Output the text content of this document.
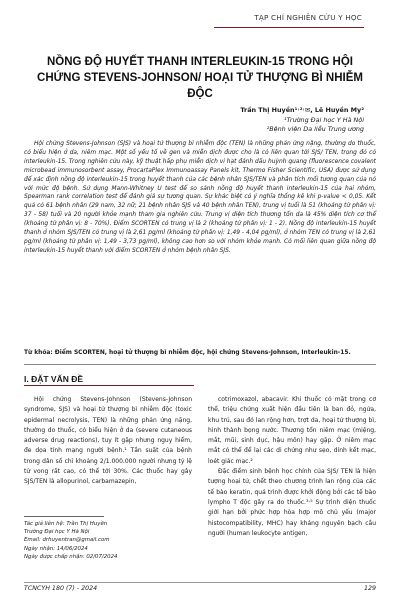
TẠP CHÍ NGHIÊN CỨU Y HỌC
NỒNG ĐỘ HUYẾT THANH INTERLEUKIN-15 TRONG HỘI CHỨNG STEVENS-JOHNSON/ HOẠI TỬ THƯỢNG BÌ NHIỄM ĐỘC
Trần Thị Huyền¹˒²˒✉, Lê Huyền My²
¹Trường Đại học Y Hà Nội
²Bệnh viện Da liễu Trung ương

Hội chứng Stevens-Johnson (SJS) và hoại tử thượng bì nhiễm độc (TEN) là những phản ứng nặng, thường do thuốc, có biểu hiện ở da, niêm mạc. Một số yếu tố về gen và miễn dịch được cho là có liên quan tới SJS/ TEN, trong đó có interleukin-15. Trong nghiên cứu này, kỹ thuật hấp phụ miễn dịch vi hạt đánh dấu huỳnh quang (fluorescence covalent microbead immunosorbent assay, ProcartaPlex Immunoassay Panels kit, Thermo Fisher Scientific, USA) được sử dụng để xác định nồng độ interleukin-15 trong huyết thanh của các bệnh nhân SJS/TEN và phân tích mối tương quan của nó với mức độ bệnh. Sử dụng Mann-Whitney U test để so sánh nồng độ huyết thanh interleukin-15 của hai nhóm, Spearman rank correlation test để đánh giá sự tương quan. Sự khác biệt có ý nghĩa thống kê khi p-value < 0,05. Kết quả có 61 bệnh nhân (29 nam, 32 nữ; 21 bệnh nhân SJS và 40 bệnh nhân TEN), trung vị tuổi là 51 (khoảng tứ phân vị: 37 - 58) tuổi và 20 người khỏe mạnh tham gia nghiên cứu. Trung vị diện tích thương tổn da là 45% diện tích cơ thể (khoảng tứ phân vị: 8 - 70%). Điểm SCORTEN có trung vị là 2 (khoảng tứ phân vị: 1 - 2). Nồng độ interleukin-15 huyết thanh ở nhóm SJS/TEN có trung vị là 2,61 pg/ml (khoảng tứ phân vị: 1,49 - 4,04 pg/ml), ở nhóm TEN có trung vị là 2,61 pg/ml (khoảng tứ phân vị: 1,49 - 3,73 pg/ml), không cao hơn so với nhóm khỏe mạnh. Có mối liên quan giữa nồng độ interleukin-15 huyết thanh với điểm SCORTEN ở nhóm bệnh nhân SJS.

Từ khóa: Điểm SCORTEN, hoại tử thượng bì nhiễm độc, hội chứng Stevens-Johnson, Interleukin-15.

I. ĐẶT VẤN ĐỀ

Hội chứng Stevens-Johnson (Stevens-Johnson syndrome, SJS) và hoại tử thượng bì nhiễm độc (toxic epidermal necrolysis, TEN) là những phản ứng nặng, thường do thuốc, có biểu hiện ở da (severe cutaneous adverse drug reactions), tuy ít gặp nhưng nguy hiểm, đe dọa tính mạng người bệnh.¹ Tần suất của bệnh trong dân số chỉ khoảng 2/1.000.000 người nhưng tỷ lệ tử vong rất cao, có thể tới 30%. Các thuốc hay gây SJS/TEN là allopurinol, carbamazepin,

cotrimoxazol, abacavir. Khi thuốc có mặt trong cơ thể, triệu chứng xuất hiện đầu tiên là ban đỏ, ngứa, khu trú, sau đó lan rộng hơn, trợt da, hoại tử thượng bì, hình thành bọng nước. Thương tổn niêm mạc (miệng, mắt, mũi, sinh dục, hậu môn) hay gặp. Ở niêm mạc mắt có thể để lại các di chứng như sẹo, dính kết mạc, loét giác mạc.²

Đặc điểm sinh bệnh học chính của SJS/ TEN là hiện tượng hoại tử, chết theo chương trình lan rộng của các tế bào keratin, quá trình được khởi động bởi các tế bào lympho T độc gây ra do thuốc.³˒⁵ Sự trình diện thuốc giới hạn bởi phức hợp hòa hợp mô chủ yếu (major histocompatibility, MHC) hay kháng nguyên bạch cầu người (human leukocyte antigen,

Tác giả liên hệ: Trần Thị Huyền
Trường Đại học Y Hà Nội
Email: drhuyentran@gmail.com
Ngày nhận: 14/06/2024
Ngày được chấp nhận: 02/07/2024
TCNCYH 180 (7) - 2024	129
